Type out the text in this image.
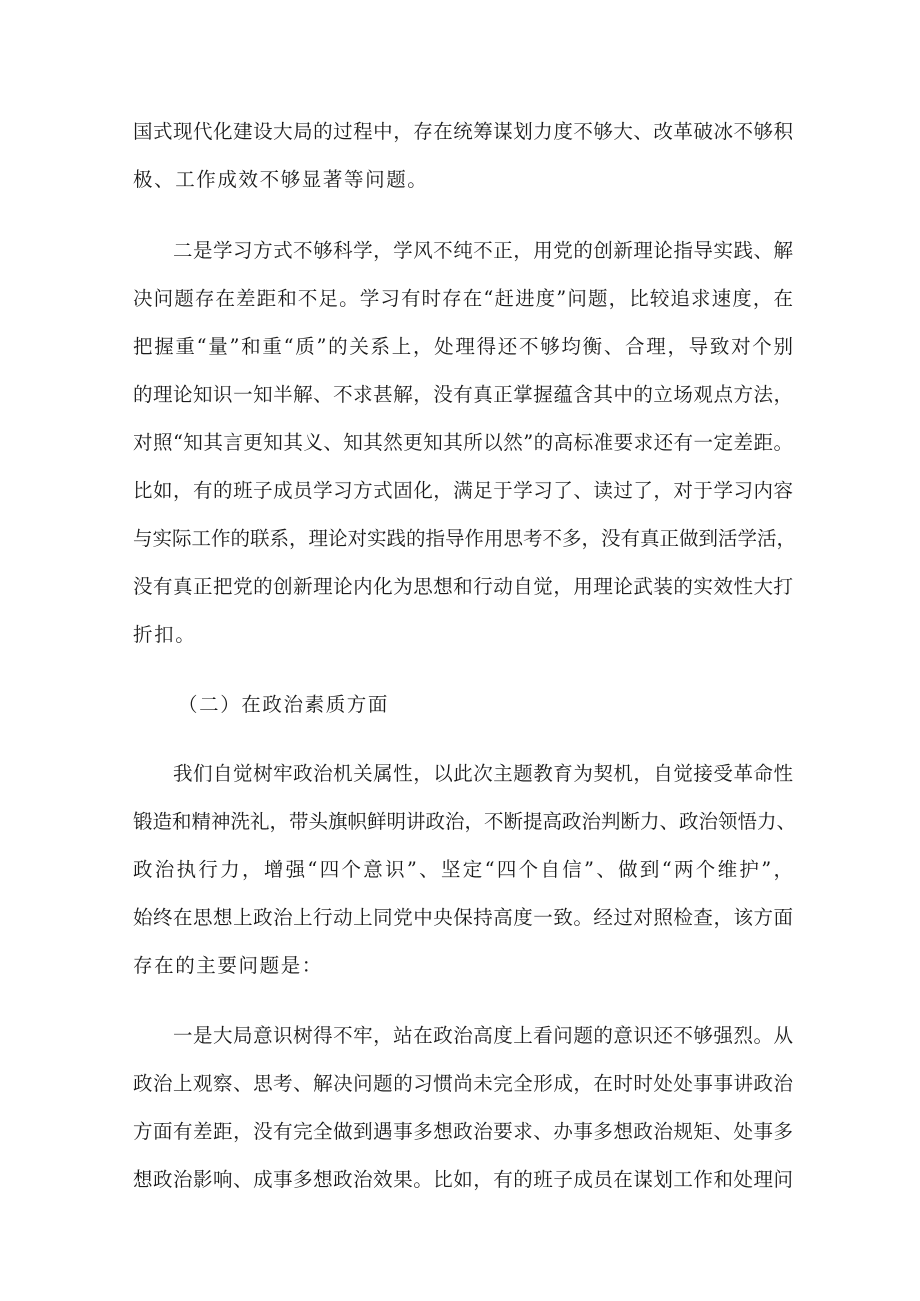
国式现代化建设大局的过程中，存在统筹谋划力度不够大、改革破冰不够积
极、工作成效不够显著等问题。
二是学习方式不够科学，学风不纯不正，用党的创新理论指导实践、解
决问题存在差距和不足。学习有时存在“赶进度”问题，比较追求速度，在
把握重“量”和重“质”的关系上，处理得还不够均衡、合理，导致对个别
的理论知识一知半解、不求甚解，没有真正掌握蕴含其中的立场观点方法，
对照“知其言更知其义、知其然更知其所以然”的高标准要求还有一定差距。
比如，有的班子成员学习方式固化，满足于学习了、读过了，对于学习内容
与实际工作的联系，理论对实践的指导作用思考不多，没有真正做到活学活，
没有真正把党的创新理论内化为思想和行动自觉，用理论武装的实效性大打
折扣。
（二）在政治素质方面
我们自觉树牢政治机关属性，以此次主题教育为契机，自觉接受革命性
锻造和精神洗礼，带头旗帜鲜明讲政治，不断提高政治判断力、政治领悟力、
政治执行力，增强“四个意识”、坚定“四个自信”、做到“两个维护”，
始终在思想上政治上行动上同党中央保持高度一致。经过对照检查，该方面
存在的主要问题是：
一是大局意识树得不牢，站在政治高度上看问题的意识还不够强烈。从
政治上观察、思考、解决问题的习惯尚未完全形成，在时时处处事事讲政治
方面有差距，没有完全做到遇事多想政治要求、办事多想政治规矩、处事多
想政治影响、成事多想政治效果。比如，有的班子成员在谋划工作和处理问
